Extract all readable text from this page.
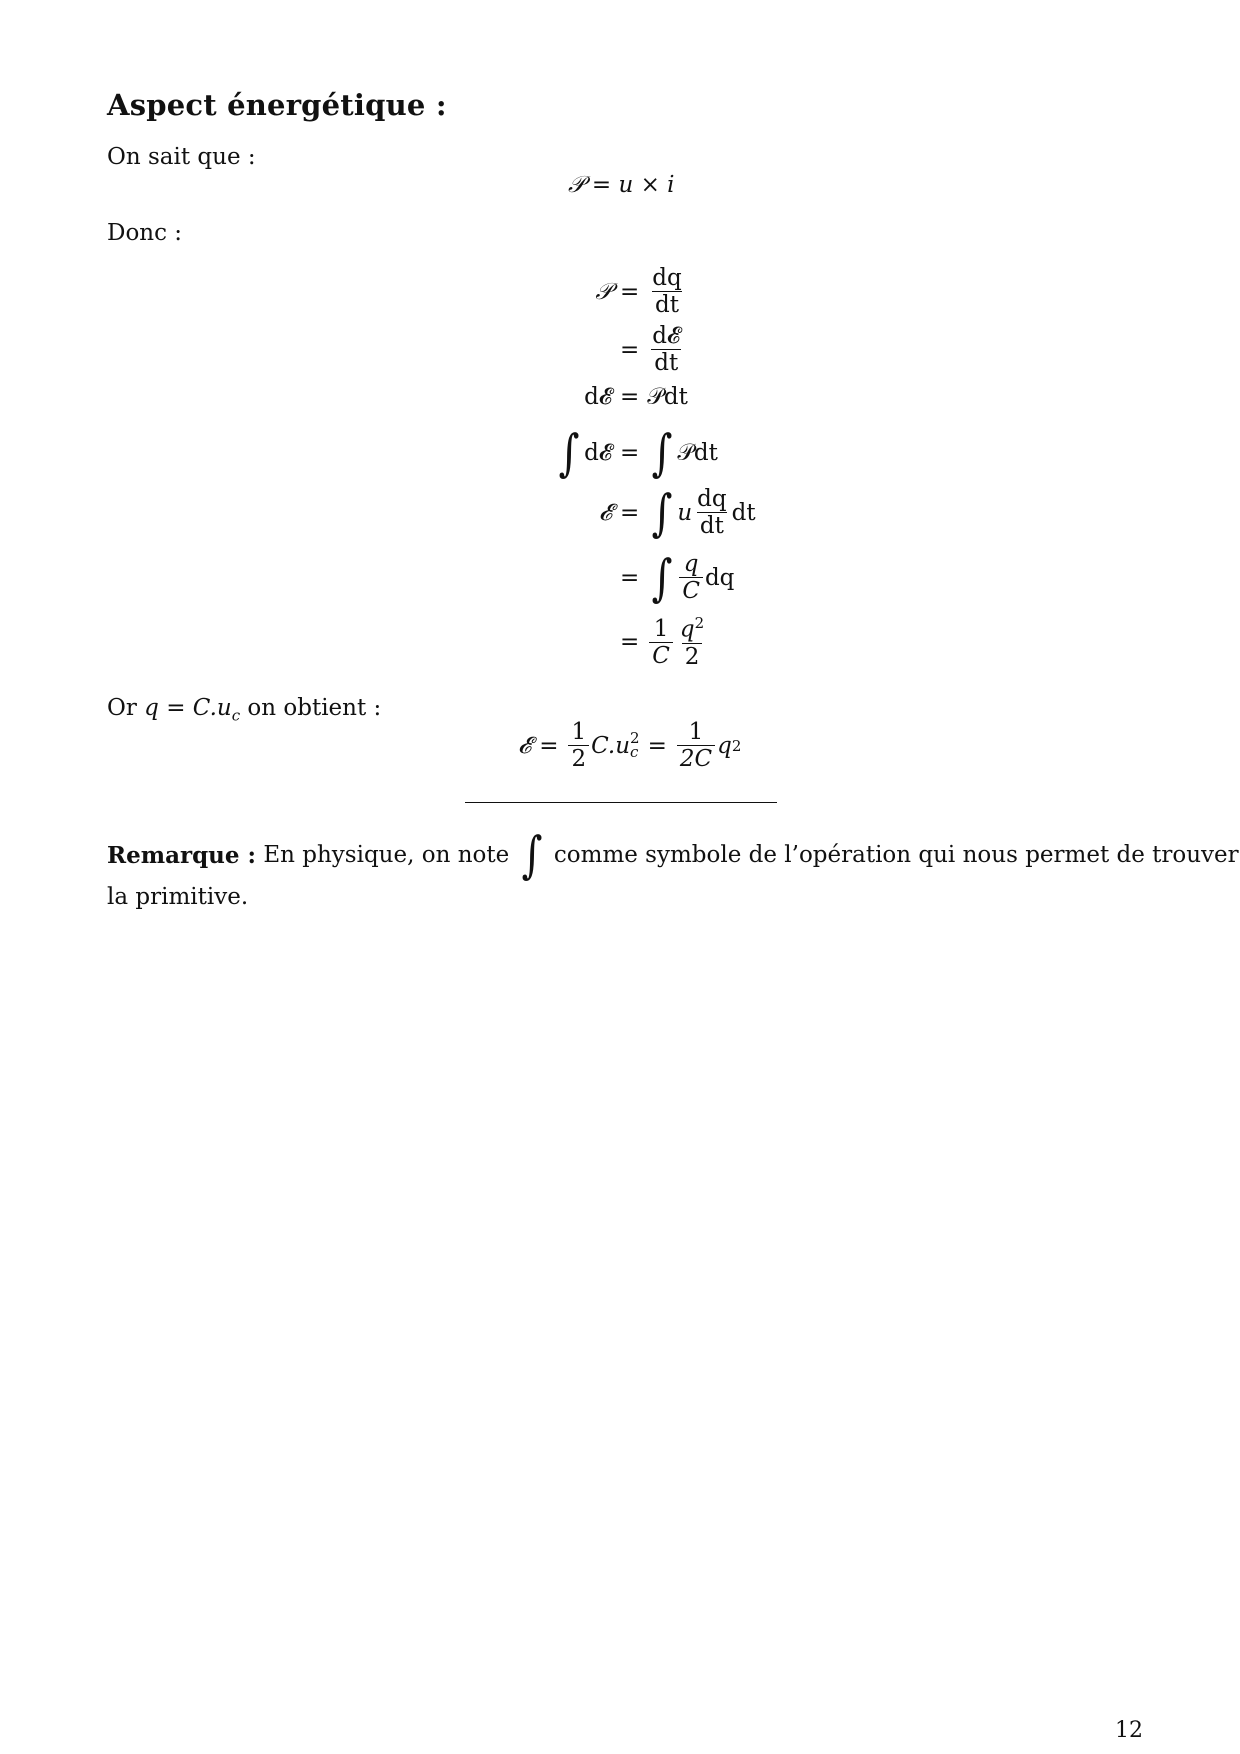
Aspect énergétique :
On sait que :
𝒫 = u × i
Donc :
𝒫 = $\frac{dq}{dt}$
= $\frac{\text{d𝓔}}{dt}$
d𝓔 = 𝒫dt
∫ d𝓔 = ∫ 𝒫dt
𝓔 = ∫ u $\frac{dq}{dt}$ dt
= ∫ $\frac{q}{C}$ dq
= $\frac{1}{C} \frac{q^2}{2}$
Or $q = C.u_c$ on obtient :
𝓔 = $\frac{1}{2} C.u$ 2
$c = \frac{1}{2C}$ q 2
Remarque : En physique, on note ∫ comme symbole de l’opération qui nous permet de trouver
la primitive.
12
